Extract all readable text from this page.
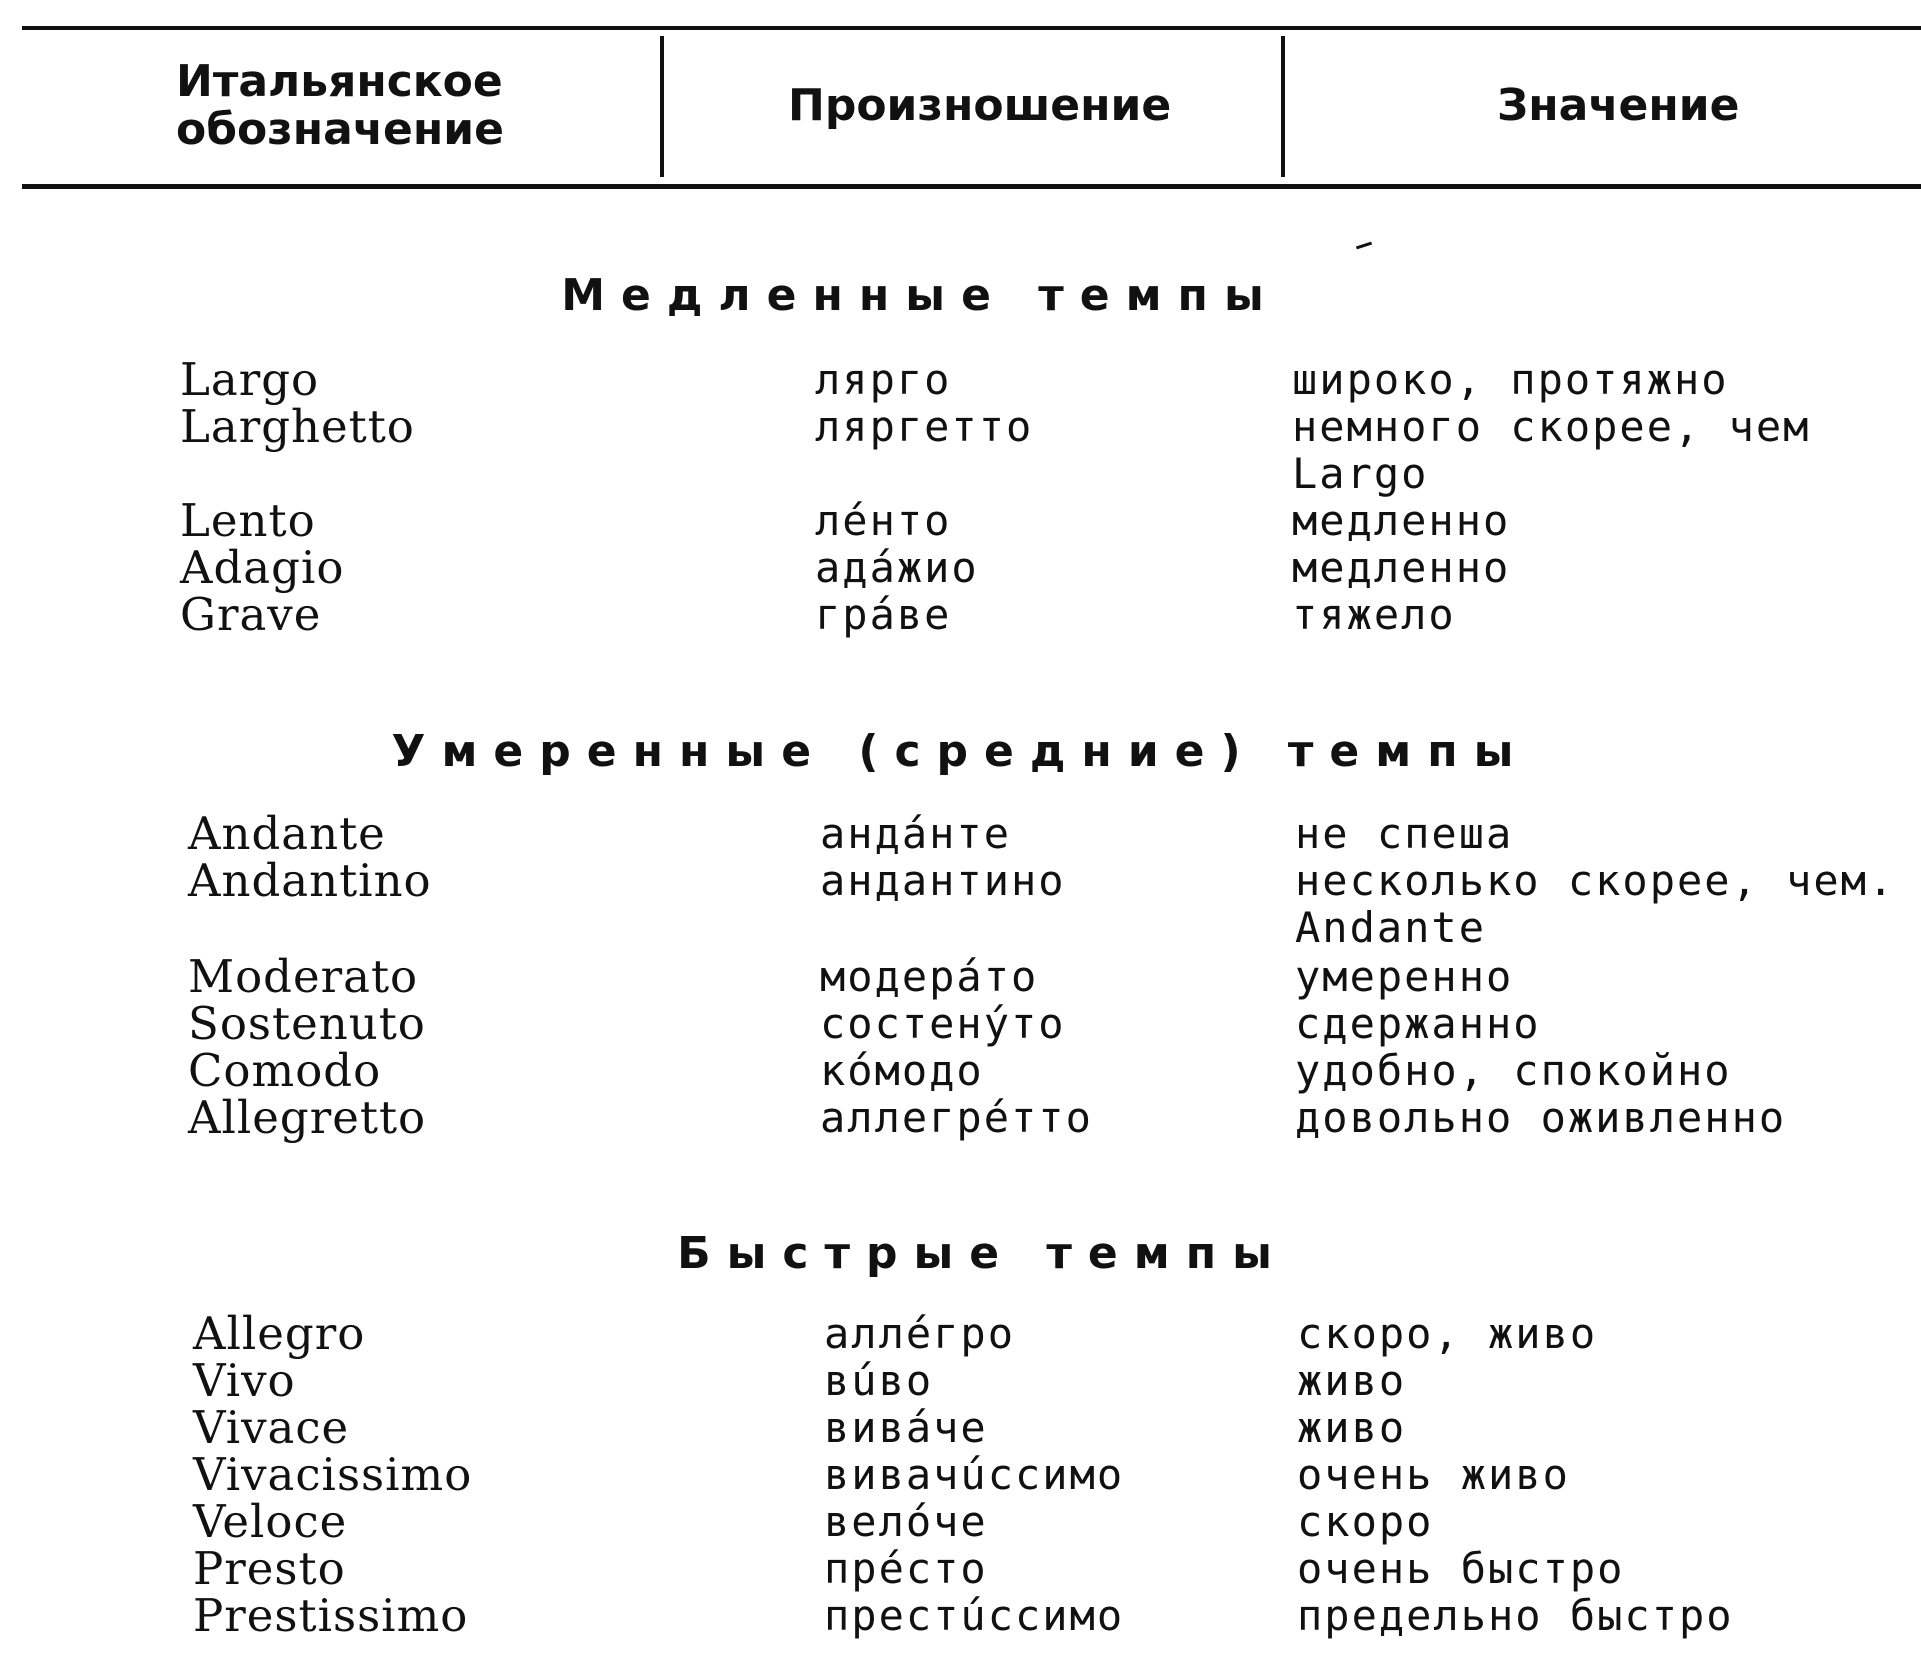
Итальянское
обозначение	Произношение	Значение
Медленные темпы
Largo	лярго	широко, протяжно
Larghetto	ляргетто	немного скорее, чем
Largo
Lento	лéнто	медленно
Adagio	адáжио	медленно
Grave	грáве	тяжело
Умеренные (средние) темпы
Andante	андáнте	не спеша
Andantino	андантино	несколько скорее, чем.
Andante
Moderato	модерáто	умеренно
Sostenuto	состенýто	сдержанно
Comodo	кóмодо	удобно, спокойно
Allegretto	аллегрéтто	довольно оживленно
Быстрые темпы
Allegro	аллéгро	скоро, живо
Vivo	вúво	живо
Vivace	вивáче	живо
Vivacissimo	вивачúссимо	очень живо
Veloce	велóче	скоро
Presto	прéсто	очень быстро
Prestissimo	престúссимо	предельно быстро
